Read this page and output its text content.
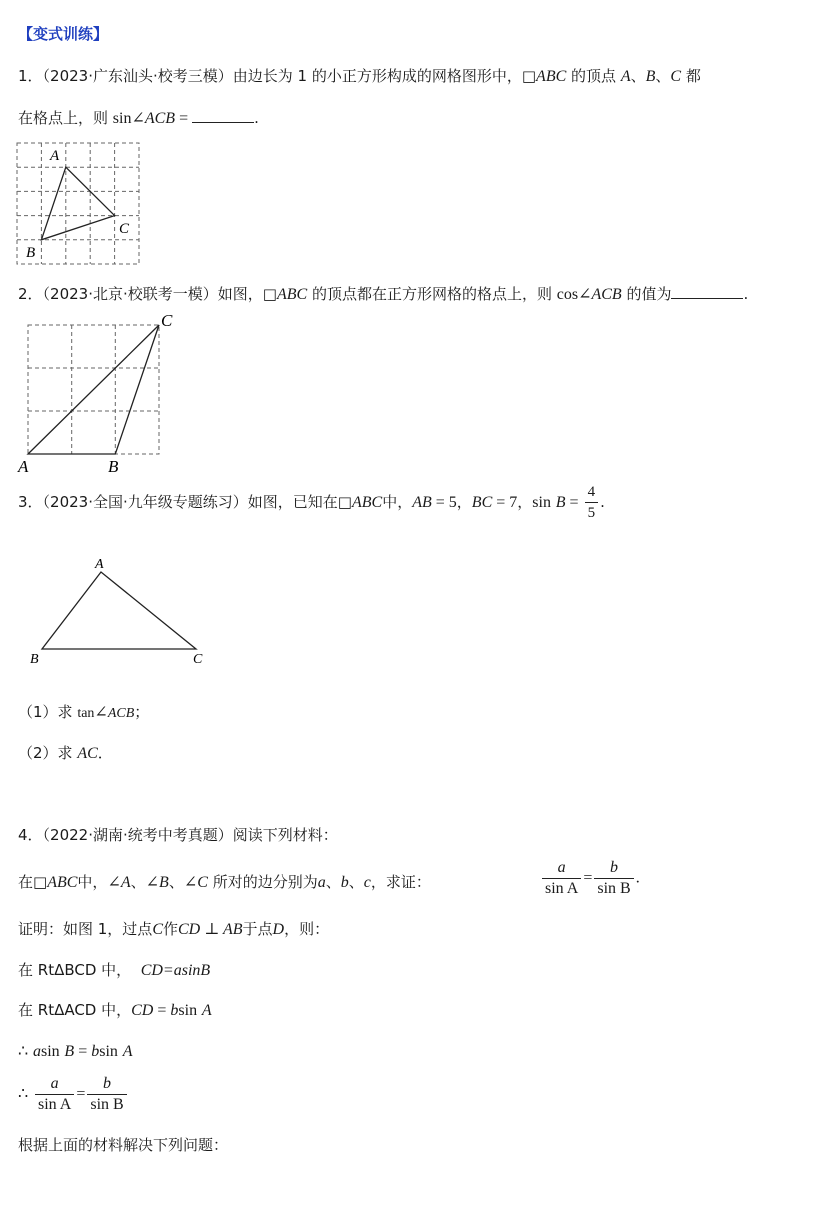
【变式训练】
1．（2023·广东汕头·校考三模）由边长为 1 的小正方形构成的网格图形中，□ABC 的顶点 A、B、C 都
在格点上，则 sin∠ACB =	.
A
B
C
2．（2023·北京·校联考一模）如图，□ABC 的顶点都在正方形网格的格点上，则 cos∠ACB 的值为	.
A	B
C
3．（2023·全国·九年级专题练习）如图，已知在□ABC中，AB = 5，BC = 7，$\sin B = \frac{4}{5}$ .
A
B	C
（1）求 tan∠ACB；
（2）求 AC．
4．（2022·湖南·统考中考真题）阅读下列材料：
在□ABC中，∠A、∠B、∠C 所对的边分别为a、b、c，求证：	$\frac{a}{\text{sin A}} = \frac{b}{\text{sin B}}$ .
证明：如图 1，过点C作CD ⊥ AB于点D，则：
在 RtΔBCD 中， CD=asinB
在 RtΔACD 中，CD = bsin A
∴ asin B = bsin A
∴ $\frac{a}{\text{sin A}} = \frac{b}{\text{sin B}}$
根据上面的材料解决下列问题：
